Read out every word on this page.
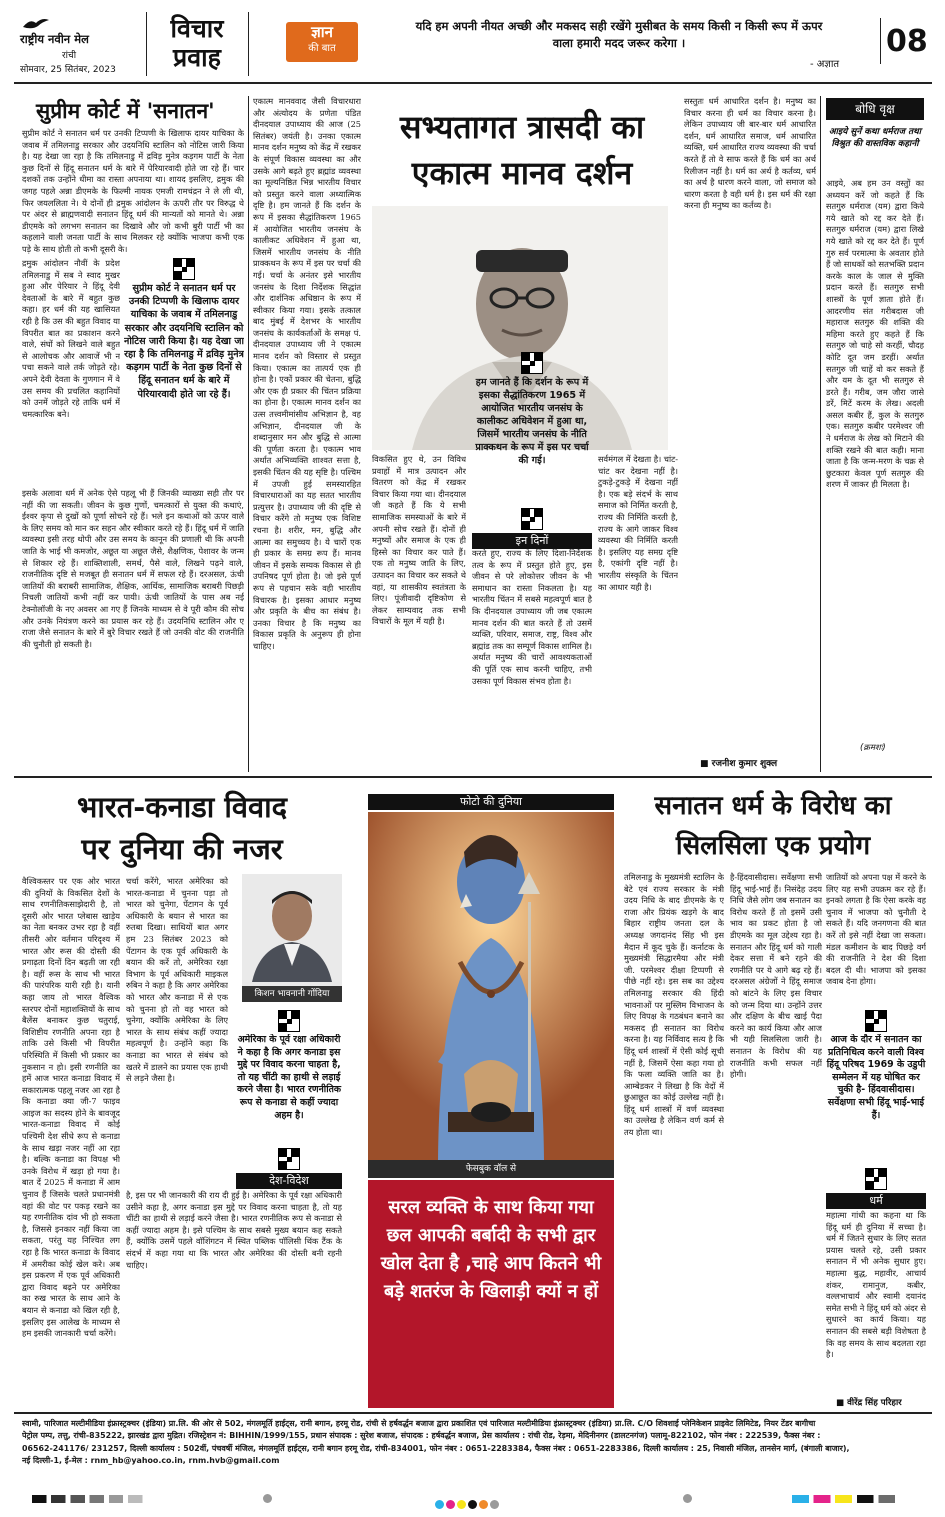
राष्ट्रीय नवीन मेल
रांची
सोमवार, 25 सितंबर, 2023
विचार
प्रवाह
ज्ञान
की बात
यदि हम अपनी नीयत अच्छी और मकसद सही रखेंगे मुसीबत के समय किसी न किसी रूप में ऊपर
वाला हमारी मदद जरूर करेगा ।
- अज्ञात
08
सुप्रीम कोर्ट में 'सनातन'
सुप्रीम कोर्ट ने सनातन धर्म पर उनकी टिप्पणी के खिलाफ दायर याचिका के जवाब में तमिलनाडु सरकार और उदयनिधि स्टालिन को नोटिस जारी किया है। यह देखा जा रहा है कि तमिलनाडु में द्रविड़ मुनेत्र कड़गम पार्टी के नेता कुछ दिनों से हिंदू सनातन धर्म के बारे में पेरियारवादी होते जा रहे हैं। चार दशकों तक उन्होंने धीमा का रास्ता अपनाया था। शायद इसलिए, द्रमुक की जगह पहले अन्ना डीएमके के फिल्मी नायक एमजी रामचंद्रन ने ले ली थी, फिर जयललिता ने। ये दोनों ही द्रमुक आंदोलन के ऊपरी तौर पर विरुद्ध थे पर अंदर से ब्राह्मणवादी सनातन हिंदू धर्म की मान्यतों को मानते थे। अन्ना डीएमके को लगभग सनातन का दिखावे और जो कभी बुरी पार्टी भी का कहलाने वाली जनता पार्टी के साथ मिलकर रहे क्योंकि भाजपा कभी एक पड़े के साथ होती तो कभी दूसरी के।
द्रमुक आंदोलन नौवीं के प्रदेश तमिलनाडु में सब ने स्वाद मुखर हुआ और पेरियार ने हिंदू देवी देवताओं के बारे में बहुत कुछ कहा। हर धर्म की यह खासियत रही है कि उस की बहुत विवाद या विपरीत बात का प्रकाशन करने वाले, संघों को लिखने वाले बहुत से आलोचक और आवाजें भी न पचा सकने वाले तर्क जोड़ते रहे। अपने देवी देवता के गुणगान में वे उस समय की प्रचलित कहानियों को उनमें जोड़ते रहे ताकि धर्म में चमत्कारिक बने।
सुप्रीम कोर्ट ने सनातन धर्म पर उनकी टिप्पणी के खिलाफ दायर याचिका के जवाब में तमिलनाडु सरकार और उदयनिधि स्टालिन को नोटिस जारी किया है। यह देखा जा रहा है कि तमिलनाडु में द्रविड़ मुनेत्र कड़गम पार्टी के नेता कुछ दिनों से हिंदू सनातन धर्म के बारे में पेरियारवादी होते जा रहे हैं।
इसके अलावा धर्म में अनेक ऐसे पहलू भी हैं जिनकी व्याख्या सही तौर पर नहीं की जा सकती। जीवन के कुछ गुणों, चमत्कारों से युक्त की कथाएं, ईश्वर कृपा से दुखों को पूर्णा सोचने रहे हैं। भले इन कथाओं को ऊपर वाले के लिए समय को मान कर सहन और स्वीकार करते रहे हैं। हिंदू धर्म में जाति व्यवस्था इसी तरह थोपी और उस समय के कानून की प्रणाली थी कि अपनी जाति के भाई भी कमजोर, अछूत या अछूत जैसे, शैक्षणिक, पेशावर के जन्म से शिकार रहे हैं। शाक्तिशाली, समर्थ, पैसे वाले, लिखने पढ़ने वाले, राजनीतिक दृष्टि से मजबूत ही सनातन धर्म में सफल रहे हैं। दरअसल, ऊंची जातियों की बराबरी सामाजिक, शैक्षिक, आर्थिक, सामाजिक बराबरी पिछड़ी निचली जातियों कभी नहीं कर पायी। ऊंची जातियों के पास अब नई टेक्नोलॉजी के नए अवसर आ गए हैं जिनके माध्यम से वे पूरी कौम की सोच और उनके नियंत्रण करने का प्रयास कर रहे हैं। उदयनिधि स्टालिन और ए राजा जैसे सनातन के बारे में बुरे विचार रखते हैं जो उनकी वोट की राजनीति की चुनौती हो सकती है।
एकात्म मानववाद जैसी विचारधारा और अंत्योदय के प्रणेता पंडित दीनदयाल उपाध्याय की आज (25 सितंबर) जयंती है। उनका एकात्म मानव दर्शन मनुष्य को केंद्र में रखकर के संपूर्ण विकास व्यवस्था का और उसके आगे बढ़ते हुए ब्रह्मांड व्यवस्था का मूल्यनिष्ठित भिन्न भारतीय विचार को प्रस्तुत करने वाला अध्यात्मिक दृष्टि है। हम जानते हैं कि दर्शन के रूप में इसका सैद्धांतिकरण 1965 में आयोजित भारतीय जनसंघ के कालीकट अधिवेशन में हुआ था, जिसमें भारतीय जनसंघ के नीति प्राक्कथन के रूप में इस पर चर्चा की गई। चर्चा के अनंतर इसे भारतीय जनसंघ के दिशा निर्देशक सिद्धांत और दार्शनिक अधिष्ठान के रूप में स्वीकार किया गया। इसके तत्काल बाद मुंबई में देशभर के भारतीय जनसंघ के कार्यकर्ताओं के समक्ष पं. दीनदयाल उपाध्याय जी ने एकात्म मानव दर्शन को विस्तार से प्रस्तुत किया। एकात्म का तात्पर्य एक ही होना है। एकों प्रकार की चेतना, बुद्धि और एक ही प्रकार की चिंतन प्रक्रिया का होना है। एकात्म मानव दर्शन का उत्स तत्त्वमीमांसीय अभिज्ञान है, वह अभिज्ञान, दीनदयाल जी के शब्दानुसार मन और बुद्धि से आत्मा की पूर्णता करता है। एकात्म भाव अर्थात अभिव्यक्ति शाश्वत सत्ता है, इसकी चिंतन की यह सृष्टि है। पश्चिम में उपजी हुई समस्यारहित विचारधाराओं का यह सतत भारतीय प्रत्युत्तर है। उपाध्याय जी की दृष्टि से विचार करेंगे तो मनुष्य एक विशिष्ट रचना है। शरीर, मन, बुद्धि और आत्मा का समुच्चय है। ये चारों एक ही प्रकार के समग्र रूप हैं। मानव जीवन में इसके सम्यक विकास से ही उपनिषद पूर्ण होता है। जो इसे पूर्ण रूप से पहचान सके वही भारतीय विचारक है। इसका आधार मनुष्य और प्रकृति के बीच का संबंध है। उनका विचार है कि मनुष्य का विकास प्रकृति के अनुरूप ही होना चाहिए।
सभ्यतागत त्रासदी का
एकात्म मानव दर्शन
विकसित हुए थे, उन विविध प्रवाहों में मात्र उत्पादन और वितरण को केंद्र में रखकर विचार किया गया था। दीनदयाल जी कहते हैं कि ये सभी सामाजिक समस्याओं के बारे में अपनी सोच रखते हैं। दोनों ही मनुष्यों और समाज के एक ही हिस्से का विचार कर पाते हैं। एक तो मनुष्य जाति के लिए, उत्पादन का विचार कर सकते थे वहां, या शासकीय स्वतंत्रता के लिए। पूंजीवादी दृष्टिकोण से लेकर साम्यवाद तक सभी विचारों के मूल में यही है।
हम जानते हैं कि दर्शन के रूप में इसका सैद्धांतिकरण 1965 में आयोजित भारतीय जनसंघ के कालीकट अधिवेशन में हुआ था, जिसमें भारतीय जनसंघ के नीति प्राक्कथन के रूप में इस पर चर्चा की गई।
इन दिनों
करते हुए, राज्य के लिए दिशा-निर्देशक तत्व के रूप में प्रस्तुत होते हुए, इस जीवन से परे लोकोत्तर जीवन के भी समाधान का रास्ता निकलता है। यह भारतीय चिंतन में सबसे महत्वपूर्ण बात है कि दीनदयाल उपाध्याय जी जब एकात्म मानव दर्शन की बात करते हैं तो उसमें व्यक्ति, परिवार, समाज, राष्ट्र, विश्व और ब्रह्मांड तक का सम्पूर्ण विकास शामिल है। अर्थात मनुष्य की चारों आवश्यकताओं की पूर्ति एक साथ करनी चाहिए, तभी उसका पूर्ण विकास संभव होता है।
सर्वमंगल में देखता है। चांट-चांट कर देखना नहीं है। टुकड़े-टुकड़े में देखना नहीं है। एक बड़े संदर्भ के साथ समाज को निर्मित करती है, राज्य की निर्मिति करती है, राज्य के आगे जाकर विश्व व्यवस्था की निर्मिति करती है। इसलिए यह समग्र दृष्टि है, एकांगी दृष्टि नहीं है। भारतीय संस्कृति के चिंतन का आधार यही है।
सस्तुतः धर्म आधारित दर्शन है। मनुष्य का विचार करना ही धर्म का विचार करना है। लेकिन उपाध्याय जी बार-बार धर्म आधारित दर्शन, धर्म आधारित समाज, धर्म आधारित व्यक्ति, धर्म आधारित राज्य व्यवस्था की चर्चा करते हैं तो वे साफ करते हैं कि धर्म का अर्थ रिलीजन नहीं है। धर्म का अर्थ है कर्तव्य, धर्म का अर्थ है धारण करने वाला, जो समाज को धारण करता है वही धर्म है। इस धर्म की रक्षा करना ही मनुष्य का कर्तव्य है।
■ रजनीश कुमार शुक्ल
बोधि वृक्ष
आइये सुनें कथा धर्मराज तथा विश्रुत की वास्तविक कहानी
आइये, अब हम उन वस्तुों का अध्ययन करें जो कहते हैं कि सतगुरु धर्मराज (यम) द्वारा किये गये खाते को रद्द कर देते हैं। सतगुरु धर्मराज (यम) द्वारा लिखे गये खाते को रद्द कर देते हैं। पूर्ण गुरु सर्व परमात्मा के अवतार होते हैं जो साधकों को सतभक्ति प्रदान करके काल के जाल से मुक्ति प्रदान करते हैं। सतगुरु सभी शास्त्रों के पूर्ण ज्ञाता होते हैं। आदरणीय संत गरीबदास जी महाराज सतगुरु की शक्ति की महिमा करते हुए कहते हैं कि सतगुरु जो चाहे सो करहीं, चौदह कोटि दूत जम डरहीं। अर्थात सतगुरु जी चाहें वो कर सकते हैं और यम के दूत भी सतगुरु से डरते हैं। गरीब, जम जौरा जासे डरें, मिटें करम के लेख। अदली असल कबीर हैं, कुल के सतगुरु एक। सतगुरु कबीर परमेश्वर जी ने धर्मराज के लेख को मिटाने की शक्ति रखने की बात कही। माना जाता है कि जन्म-मरण के चक्र से छुटकारा केवल पूर्ण सतगुरु की शरण में जाकर ही मिलता है।
(क्रमशः)
भारत-कनाडा विवाद
पर दुनिया की नजर
वैश्विकस्तर पर एक ओर भारत की दुनियों के विकसित देशों के साथ रणनीतिकसाझेदारी है, तो दूसरी ओर भारत प्लेबास खाड़ेय का नेता बनकर उभर रहा है वहीं तीसरी ओर वर्तमान परिदृश्य में भारत और रूस की दोस्ती की प्रगाढ़ता दिनों दिन बढ़ती जा रही है। वहीं रूस के साथ भी भारत की पारंपरिक यारी रही है। यानी कहा जाय तो भारत वैश्विक स्तरपर दोनों महाशक्तियों के साथ बैलेंस बनाकर कुछ चतुराई, विशिष्टीय रणनीति अपना रहा है ताकि उसे किसी भी विपरीत परिस्थिति में किसी भी प्रकार का नुकसान न हो। इसी रणनीति का हमें आज भारत कनाडा विवाद में सकारात्मक पहलू नजर आ रहा है कि कनाडा क्या जी-7 फाइव आइज का सदस्य होने के बावजूद भारत-कनाडा विवाद में कोई पश्चिमी देश सीधे रूप से कनाडा के साथ खड़ा नजर नहीं आ रहा है। बल्कि कनाडा का विपक्ष भी उनके विरोध में खड़ा हो गया है। बात दें 2025 में कनाडा में आम चुनाव हैं जिसके चलते प्रधानमंत्री वहां की वोट पर पकड़ रखने का यह रणनीतिक दांव भी हो सकता है, जिससे इनकार नहीं किया जा सकता, परंतु यह निश्चित लग रहा है कि भारत कनाडा के विवाद में अमरीका कोई खेल करे। अब इस प्रकरण में एक पूर्व अधिकारी द्वारा विवाद बढ़ने पर अमेरिका का रुख भारत के साथ आने के बयान से कनाडा को खिल रही है, इसलिए इस आलेख के माध्यम से हम इसकी जानकारी चर्चा करेंगे।
चर्चा करेंगे, भारत अमेरिका को भारत-कनाडा में चुनना पड़ा तो भारत को चुनेगा, पेंटागन के पूर्व अधिकारी के बयान से भारत का रुतबा दिखा। साथियों बात अगर हम 23 सितंबर 2023 को पेंटागन के एक पूर्व अधिकारी के बयान की करें तो, अमेरिका रक्षा विभाग के पूर्व अधिकारी माइकल रुबिन ने कहा है कि अगर अमेरिका को भारत और कनाडा में से एक को चुनना हो तो वह भारत को चुनेगा, क्योंकि अमेरिका के लिए भारत के साथ संबंध कहीं ज्यादा महत्वपूर्ण है। उन्होंने कहा कि कनाडा का भारत से संबंध को खतरे में डालने का प्रयास एक हाथी से लड़ने जैसा है।
किशन भावनानी गोंदिया
अमेरिका के पूर्व रक्षा अधिकारी ने कहा है कि अगर कनाडा इस मुद्दे पर विवाद करना चाहता है, तो यह चींटी का हाथी से लड़ाई करने जैसा है। भारत रणनीतिक रूप से कनाडा से कहीं ज्यादा अहम है।
देश-विदेश
है, इस पर भी जानकारी की राय दी हुई है। अमेरिका के पूर्व रक्षा अधिकारी उसीने कहा है, अगर कनाडा इस मुद्दे पर विवाद करना चाहता है, तो यह चींटी का हाथी से लड़ाई करने जैसा है। भारत रणनीतिक रूप से कनाडा से कहीं ज्यादा अहम है। इसे पश्चिम के साथ सबसे मुख्य बयान कह सकते हैं, क्योंकि उसमें पहले वॉशिंगटन में स्थित पब्लिक पॉलिसी थिंक टैंक के संदर्भ में कहा गया था कि भारत और अमेरिका की दोस्ती बनी रहनी चाहिए।
फोटो की दुनिया
फेसबुक वॉल से
सरल व्यक्ति के साथ किया गया छल आपकी बर्बादी के सभी द्वार खोल देता है ,चाहे आप कितने भी बड़े शतरंज के खिलाड़ी क्यों न हों
सनातन धर्म के विरोध का
सिलसिला एक प्रयोग
तमिलनाडु के मुख्यमंत्री स्टालिन के बेटे एवं राज्य सरकार के मंत्री उदय निधि के बाद डीएमके के ए राजा और प्रियंक खड़गे के बाद बिहार राष्ट्रीय जनता दल के अध्यक्ष जगदानंद सिंह भी इस मैदान में कूद चुके हैं। कर्नाटक के मुख्यमंत्री सिद्धारमैया और मंत्री जी. परमेश्वर दीक्षा टिप्पणी से पीछे नहीं रहे। इस सब का उद्देश्य तमिलनाडु सरकार की हिंदी भावनाओं पर मुस्लिम विभाजन के लिए विपक्ष के गठबंधन बनाने का मकसद ही सनातन का विरोध करना है। यह निर्विवाद सत्य है कि हिंदू धर्म शास्त्रों में ऐसी कोई सूची नहीं है, जिसमें ऐसा कहा गया हो कि फला व्यक्ति जाति का है। आम्बेडकर ने लिखा है कि वेदों में छुआछूत का कोई उल्लेख नहीं है। हिंदू धर्म शास्त्रों में वर्ण व्यवस्था का उल्लेख है लेकिन वर्ण कर्म से तय होता था।
है-हिंदवासीदास। सर्वेक्षणा सभी हिंदू भाई-भाई हैं। निसंदेह उदय निधि जैसे लोग जब सनातन का विरोध करते हैं तो इसमें उसी भाव का प्रकट होता है जो डीएमके का मूल उद्देश्य रहा है। सनातन और हिंदू धर्म को गाली देकर सत्ता में बने रहने की रणनीति पर ये आगे बढ़ रहे हैं। दरअसल अंग्रेजों ने हिंदू समाज को बांटने के लिए इस विचार को जन्म दिया था। उन्होंने उत्तर और दक्षिण के बीच खाई पैदा करने का कार्य किया और आज भी यही सिलसिला जारी है। सनातन के विरोध की यह राजनीति कभी सफल नहीं होगी।
जातियों को अपना पक्ष में करने के लिए यह सभी उपक्रम कर रहे हैं। इनको लगता है कि ऐसा करके वह चुनाव में भाजपा को चुनौती दे सकते हैं। यदि जनगणना की बात करें तो इसे नहीं देखा जा सकता। मंडल कमीशन के बाद पिछड़े वर्ग की राजनीति ने देश की दिशा बदल दी थी। भाजपा को इसका जवाब देना होगा।
आज के दौर में सनातन का प्रतिनिधित्व करने वाली विश्व हिंदू परिषद 1969 के उडुपी सम्मेलन में यह घोषित कर चुकी है- हिंदवासीदास। सर्वेक्षणा सभी हिंदू भाई-भाई हैं।
धर्म
महात्मा गांधी का कहना था कि हिंदू धर्म ही दुनिया में सच्चा है। धर्म में जितने सुधार के लिए सतत प्रयास चलते रहे, उसी प्रकार सनातन में भी अनेक सुधार हुए। महात्मा बुद्ध, महावीर, आचार्य शंकर, रामानुज, कबीर, वल्लभाचार्य और स्वामी दयानंद समेत सभी ने हिंदू धर्म को अंदर से सुधारने का कार्य किया। यह सनातन की सबसे बड़ी विशेषता है कि वह समय के साथ बदलता रहा है।
■ वीरेंद्र सिंह परिहार
स्वामी, पारिजात मल्टीमीडिया इंफ्रास्ट्रक्चर (इंडिया) प्रा.लि. की ओर से 502, मंगलमूर्ति हाईट्स, रानी बगान, हरमू रोड, रांची से हर्षवर्द्धन बजाज द्वारा प्रकाशित एवं पारिजात मल्टीमीडिया इंफ्रास्ट्रक्चर (इंडिया) प्रा.लि. C/O शिवशाई प्लेनिकेशन प्राइवेट लिमिटेड, नियर टेंडर बागीचा
पेट्रोल पम्प, तत्तु, रांची-835222, झारखंड द्वारा मुद्रित। रजिस्ट्रेशन नं: BIHHIN/1999/155, प्रधान संपादक : सुरेश बजाज, संपादक : हर्षवर्द्धन बजाज, प्रेस कार्यालय : रांची रोड, रेड़मा, मेदिनीनगर (डालटनगंज) पलामू-822102, फोन नंबर : 222539, फैक्स नंबर :
06562-241176/ 231257, दिल्ली कार्यालय : 502वीं, पंचवर्षी मंजिल, मंगलमूर्ति हाईट्स, रानी बगान हरमू रोड, रांची-834001, फोन नंबर : 0651-2283384, फैक्स नंबर : 0651-2283386, दिल्ली कार्यालय : 25, निवासी मंजिल, तानसेन मार्ग, (बंगाली बाजार),
नई दिल्ली-1, ई-मेल : rnm_hb@yahoo.co.in, rnm.hvb@gmail.com
